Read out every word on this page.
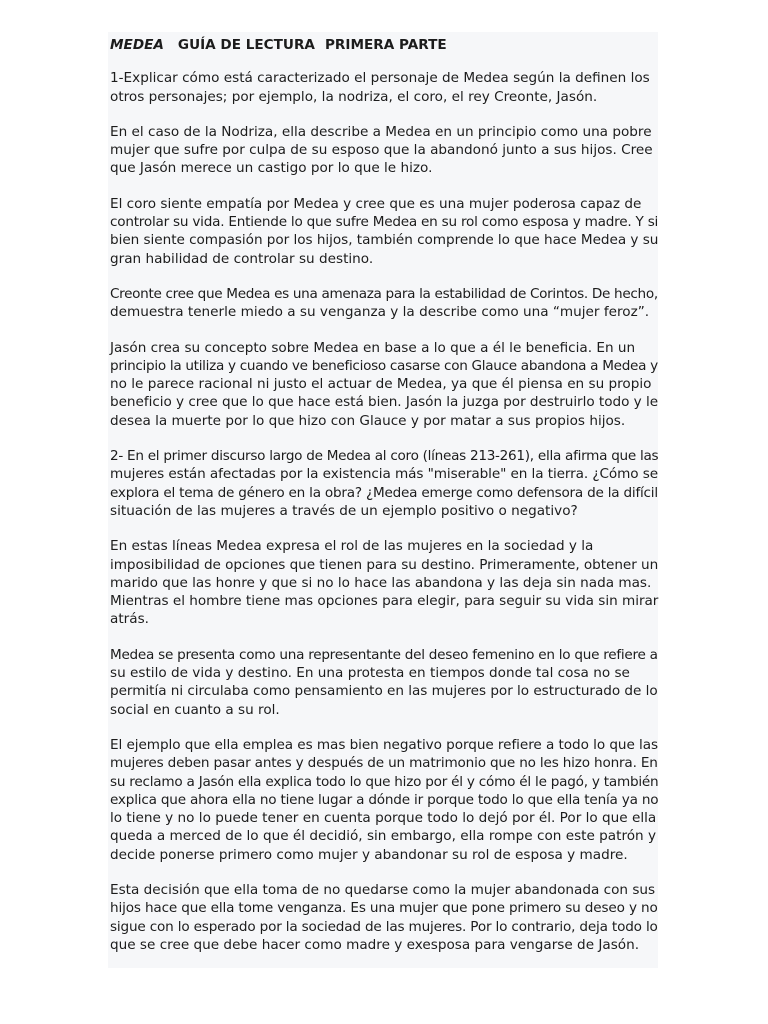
MEDEA GUÍA DE LECTURA PRIMERA PARTE

1-Explicar cómo está caracterizado el personaje de Medea según la definen los
otros personajes; por ejemplo, la nodriza, el coro, el rey Creonte, Jasón.

En el caso de la Nodriza, ella describe a Medea en un principio como una pobre
mujer que sufre por culpa de su esposo que la abandonó junto a sus hijos. Cree
que Jasón merece un castigo por lo que le hizo.

El coro siente empatía por Medea y cree que es una mujer poderosa capaz de
controlar su vida. Entiende lo que sufre Medea en su rol como esposa y madre. Y si
bien siente compasión por los hijos, también comprende lo que hace Medea y su
gran habilidad de controlar su destino.

Creonte cree que Medea es una amenaza para la estabilidad de Corintos. De hecho,
demuestra tenerle miedo a su venganza y la describe como una “mujer feroz”.

Jasón crea su concepto sobre Medea en base a lo que a él le beneficia. En un
principio la utiliza y cuando ve beneficioso casarse con Glauce abandona a Medea y
no le parece racional ni justo el actuar de Medea, ya que él piensa en su propio
beneficio y cree que lo que hace está bien. Jasón la juzga por destruirlo todo y le
desea la muerte por lo que hizo con Glauce y por matar a sus propios hijos.

2- En el primer discurso largo de Medea al coro (líneas 213-261), ella afirma que las
mujeres están afectadas por la existencia más "miserable" en la tierra. ¿Cómo se
explora el tema de género en la obra? ¿Medea emerge como defensora de la difícil
situación de las mujeres a través de un ejemplo positivo o negativo?

En estas líneas Medea expresa el rol de las mujeres en la sociedad y la
imposibilidad de opciones que tienen para su destino. Primeramente, obtener un
marido que las honre y que si no lo hace las abandona y las deja sin nada mas.
Mientras el hombre tiene mas opciones para elegir, para seguir su vida sin mirar
atrás.

Medea se presenta como una representante del deseo femenino en lo que refiere a
su estilo de vida y destino. En una protesta en tiempos donde tal cosa no se
permitía ni circulaba como pensamiento en las mujeres por lo estructurado de lo
social en cuanto a su rol.

El ejemplo que ella emplea es mas bien negativo porque refiere a todo lo que las
mujeres deben pasar antes y después de un matrimonio que no les hizo honra. En
su reclamo a Jasón ella explica todo lo que hizo por él y cómo él le pagó, y también
explica que ahora ella no tiene lugar a dónde ir porque todo lo que ella tenía ya no
lo tiene y no lo puede tener en cuenta porque todo lo dejó por él. Por lo que ella
queda a merced de lo que él decidió, sin embargo, ella rompe con este patrón y
decide ponerse primero como mujer y abandonar su rol de esposa y madre.

Esta decisión que ella toma de no quedarse como la mujer abandonada con sus
hijos hace que ella tome venganza. Es una mujer que pone primero su deseo y no
sigue con lo esperado por la sociedad de las mujeres. Por lo contrario, deja todo lo
que se cree que debe hacer como madre y exesposa para vengarse de Jasón.
